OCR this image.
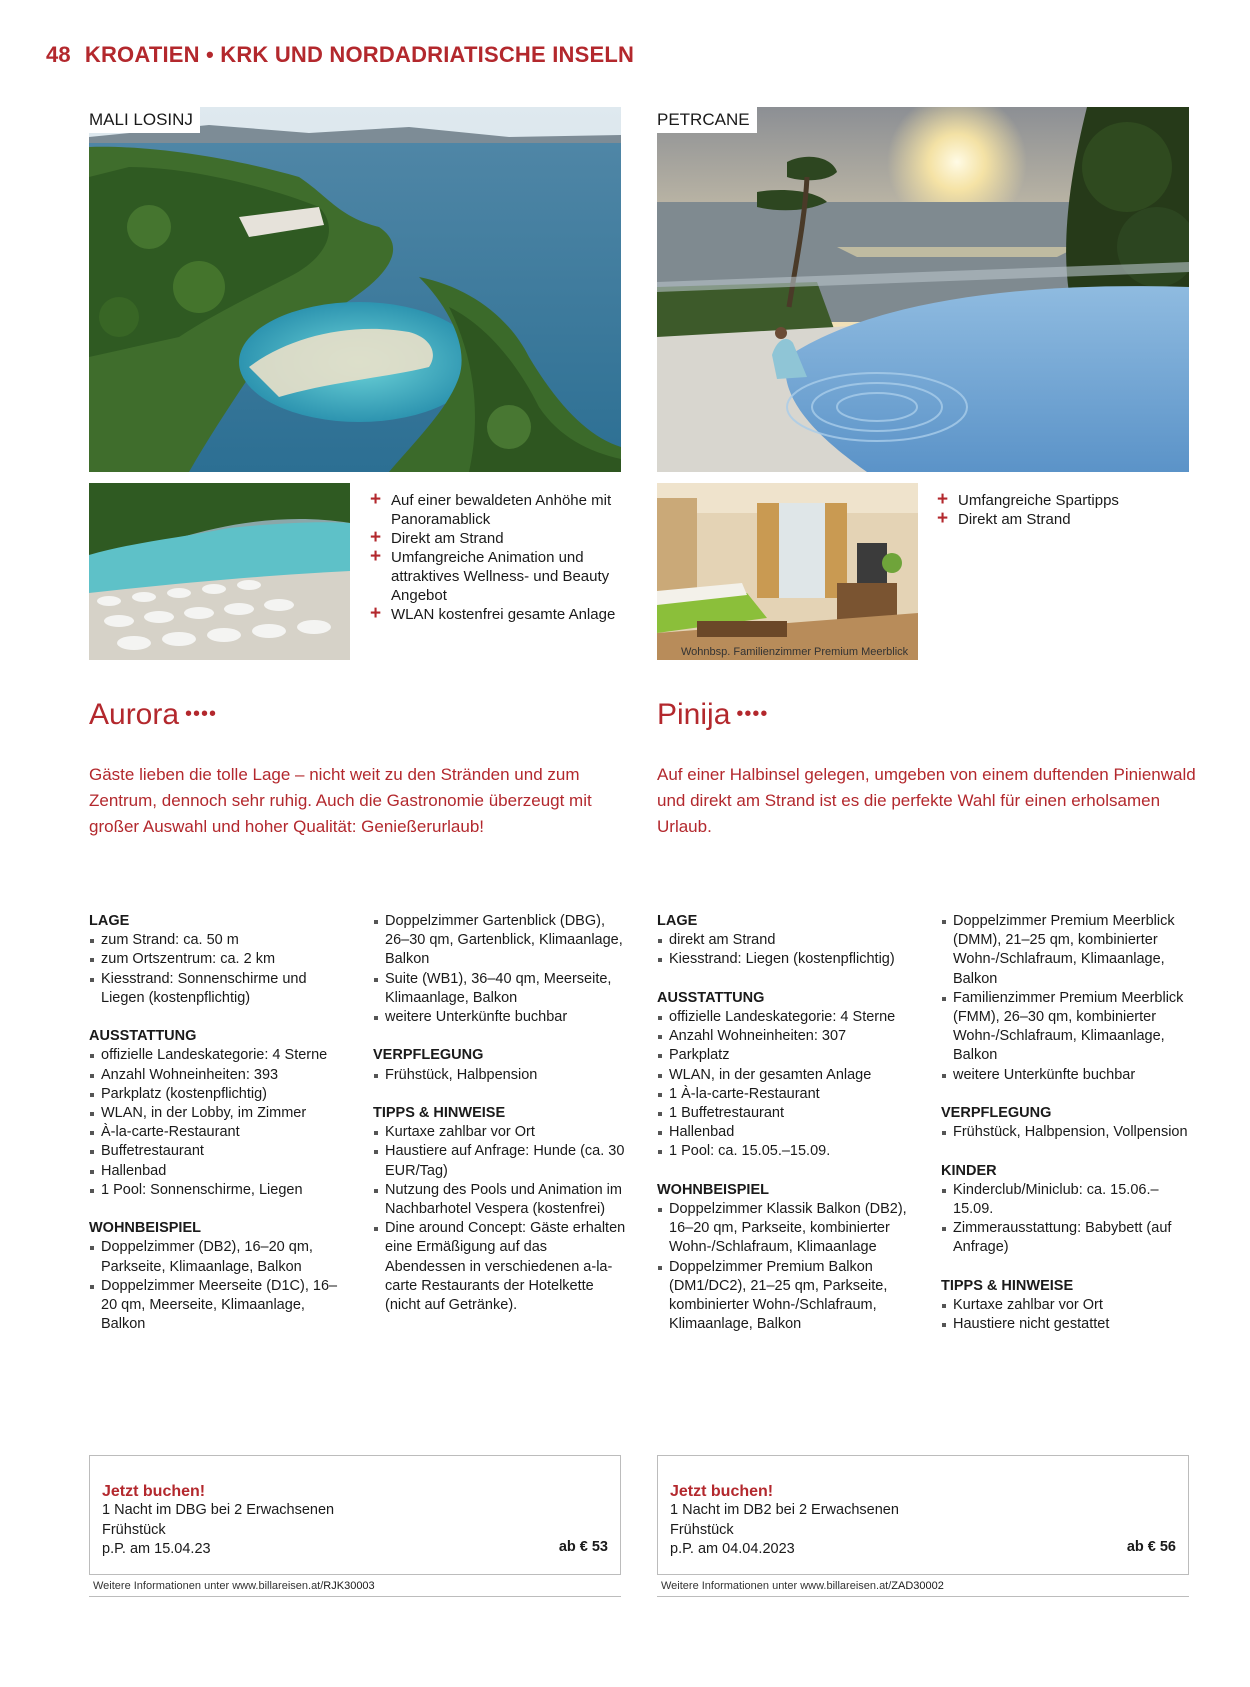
48 KROATIEN • KRK UND NORDADRIATISCHE INSELN
MALI LOSINJ
+ Auf einer bewaldeten Anhöhe mit Panoramablick
+ Direkt am Strand
+ Umfangreiche Animation und attraktives Wellness- und Beauty Angebot
+ WLAN kostenfrei gesamte Anlage
Aurora ••••

Gäste lieben die tolle Lage – nicht weit zu den Stränden und zum Zentrum, dennoch sehr ruhig. Auch die Gastronomie überzeugt mit großer Auswahl und hoher Qualität: Genießerurlaub!

LAGE
zum Strand: ca. 50 m
zum Ortszentrum: ca. 2 km
Kiesstrand: Sonnenschirme und Liegen (kostenpflichtig)
AUSSTATTUNG
offizielle Landeskategorie: 4 Sterne
Anzahl Wohneinheiten: 393
Parkplatz (kostenpflichtig)
WLAN, in der Lobby, im Zimmer
À-la-carte-Restaurant
Buffetrestaurant
Hallenbad
1 Pool: Sonnenschirme, Liegen
WOHNBEISPIEL
Doppelzimmer (DB2), 16–20 qm, Parkseite, Klimaanlage, Balkon
Doppelzimmer Meerseite (D1C), 16–20 qm, Meerseite, Klimaanlage, Balkon
Doppelzimmer Gartenblick (DBG), 26–30 qm, Gartenblick, Klimaanlage, Balkon
Suite (WB1), 36–40 qm, Meerseite, Klimaanlage, Balkon
weitere Unterkünfte buchbar
VERPFLEGUNG
Frühstück, Halbpension
TIPPS & HINWEISE
Kurtaxe zahlbar vor Ort
Haustiere auf Anfrage: Hunde (ca. 30 EUR/Tag)
Nutzung des Pools und Animation im Nachbarhotel Vespera (kostenfrei)
Dine around Concept: Gäste erhalten eine Ermäßigung auf das Abendessen in verschiedenen a-la-carte Restaurants der Hotelkette (nicht auf Getränke).
Jetzt buchen!
1 Nacht im DBG bei 2 Erwachsenen
Frühstück
p.P. am 15.04.23	ab € 53
Weitere Informationen unter www.billareisen.at/RJK30003
PETRCANE
Wohnbsp. Familienzimmer Premium Meerblick
+ Umfangreiche Spartipps
+ Direkt am Strand
Pinija ••••

Auf einer Halbinsel gelegen, umgeben von einem duftenden Pinienwald und direkt am Strand ist es die perfekte Wahl für einen erholsamen Urlaub.

LAGE
direkt am Strand
Kiesstrand: Liegen (kostenpflichtig)
AUSSTATTUNG
offizielle Landeskategorie: 4 Sterne
Anzahl Wohneinheiten: 307
Parkplatz
WLAN, in der gesamten Anlage
1 À-la-carte-Restaurant
1 Buffetrestaurant
Hallenbad
1 Pool: ca. 15.05.–15.09.
WOHNBEISPIEL
Doppelzimmer Klassik Balkon (DB2), 16–20 qm, Parkseite, kombinierter Wohn-/Schlafraum, Klimaanlage
Doppelzimmer Premium Balkon (DM1/DC2), 21–25 qm, Parkseite, kombinierter Wohn-/Schlafraum, Klimaanlage, Balkon
Doppelzimmer Premium Meerblick (DMM), 21–25 qm, kombinierter Wohn-/Schlafraum, Klimaanlage, Balkon
Familienzimmer Premium Meerblick (FMM), 26–30 qm, kombinierter Wohn-/Schlafraum, Klimaanlage, Balkon
weitere Unterkünfte buchbar
VERPFLEGUNG
Frühstück, Halbpension, Vollpension
KINDER
Kinderclub/Miniclub: ca. 15.06.–15.09.
Zimmerausstattung: Babybett (auf Anfrage)
TIPPS & HINWEISE
Kurtaxe zahlbar vor Ort
Haustiere nicht gestattet
Jetzt buchen!
1 Nacht im DB2 bei 2 Erwachsenen
Frühstück
p.P. am 04.04.2023	ab € 56
Weitere Informationen unter www.billareisen.at/ZAD30002
